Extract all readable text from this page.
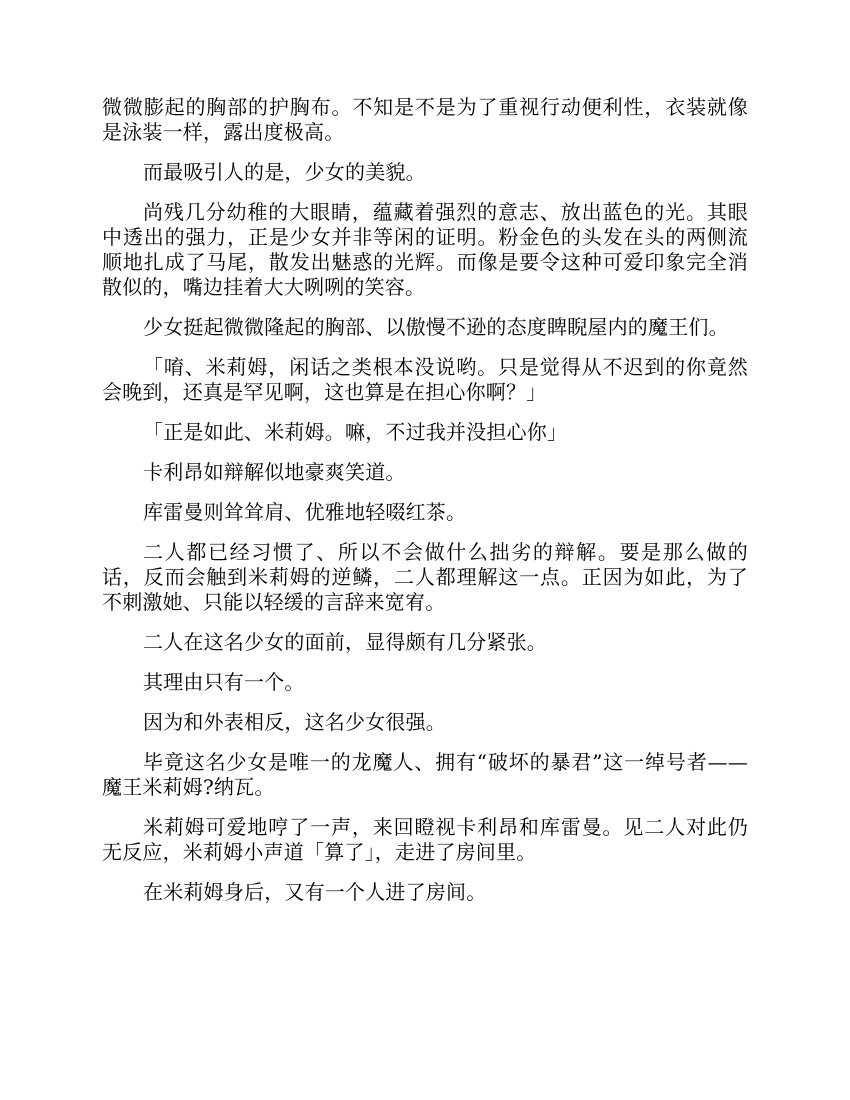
微微膨起的胸部的护胸布。不知是不是为了重视行动便利性，衣装就像是泳装一样，露出度极高。

而最吸引人的是，少女的美貌。

尚残几分幼稚的大眼睛，蕴藏着强烈的意志、放出蓝色的光。其眼中透出的强力，正是少女并非等闲的证明。粉金色的头发在头的两侧流顺地扎成了马尾，散发出魅惑的光辉。而像是要令这种可爱印象完全消散似的，嘴边挂着大大咧咧的笑容。

少女挺起微微隆起的胸部、以傲慢不逊的态度睥睨屋内的魔王们。

「唷、米莉姆，闲话之类根本没说哟。只是觉得从不迟到的你竟然会晚到，还真是罕见啊，这也算是在担心你啊？」

「正是如此、米莉姆。嘛，不过我并没担心你」

卡利昂如辩解似地豪爽笑道。

库雷曼则耸耸肩、优雅地轻啜红茶。

二人都已经习惯了、所以不会做什么拙劣的辩解。要是那么做的话，反而会触到米莉姆的逆鳞，二人都理解这一点。正因为如此，为了不刺激她、只能以轻缓的言辞来宽宥。

二人在这名少女的面前，显得颇有几分紧张。

其理由只有一个。

因为和外表相反，这名少女很强。

毕竟这名少女是唯一的龙魔人、拥有“破坏的暴君”这一绰号者——魔王米莉姆?纳瓦。

米莉姆可爱地哼了一声，来回瞪视卡利昂和库雷曼。见二人对此仍无反应，米莉姆小声道「算了」，走进了房间里。

在米莉姆身后，又有一个人进了房间。
